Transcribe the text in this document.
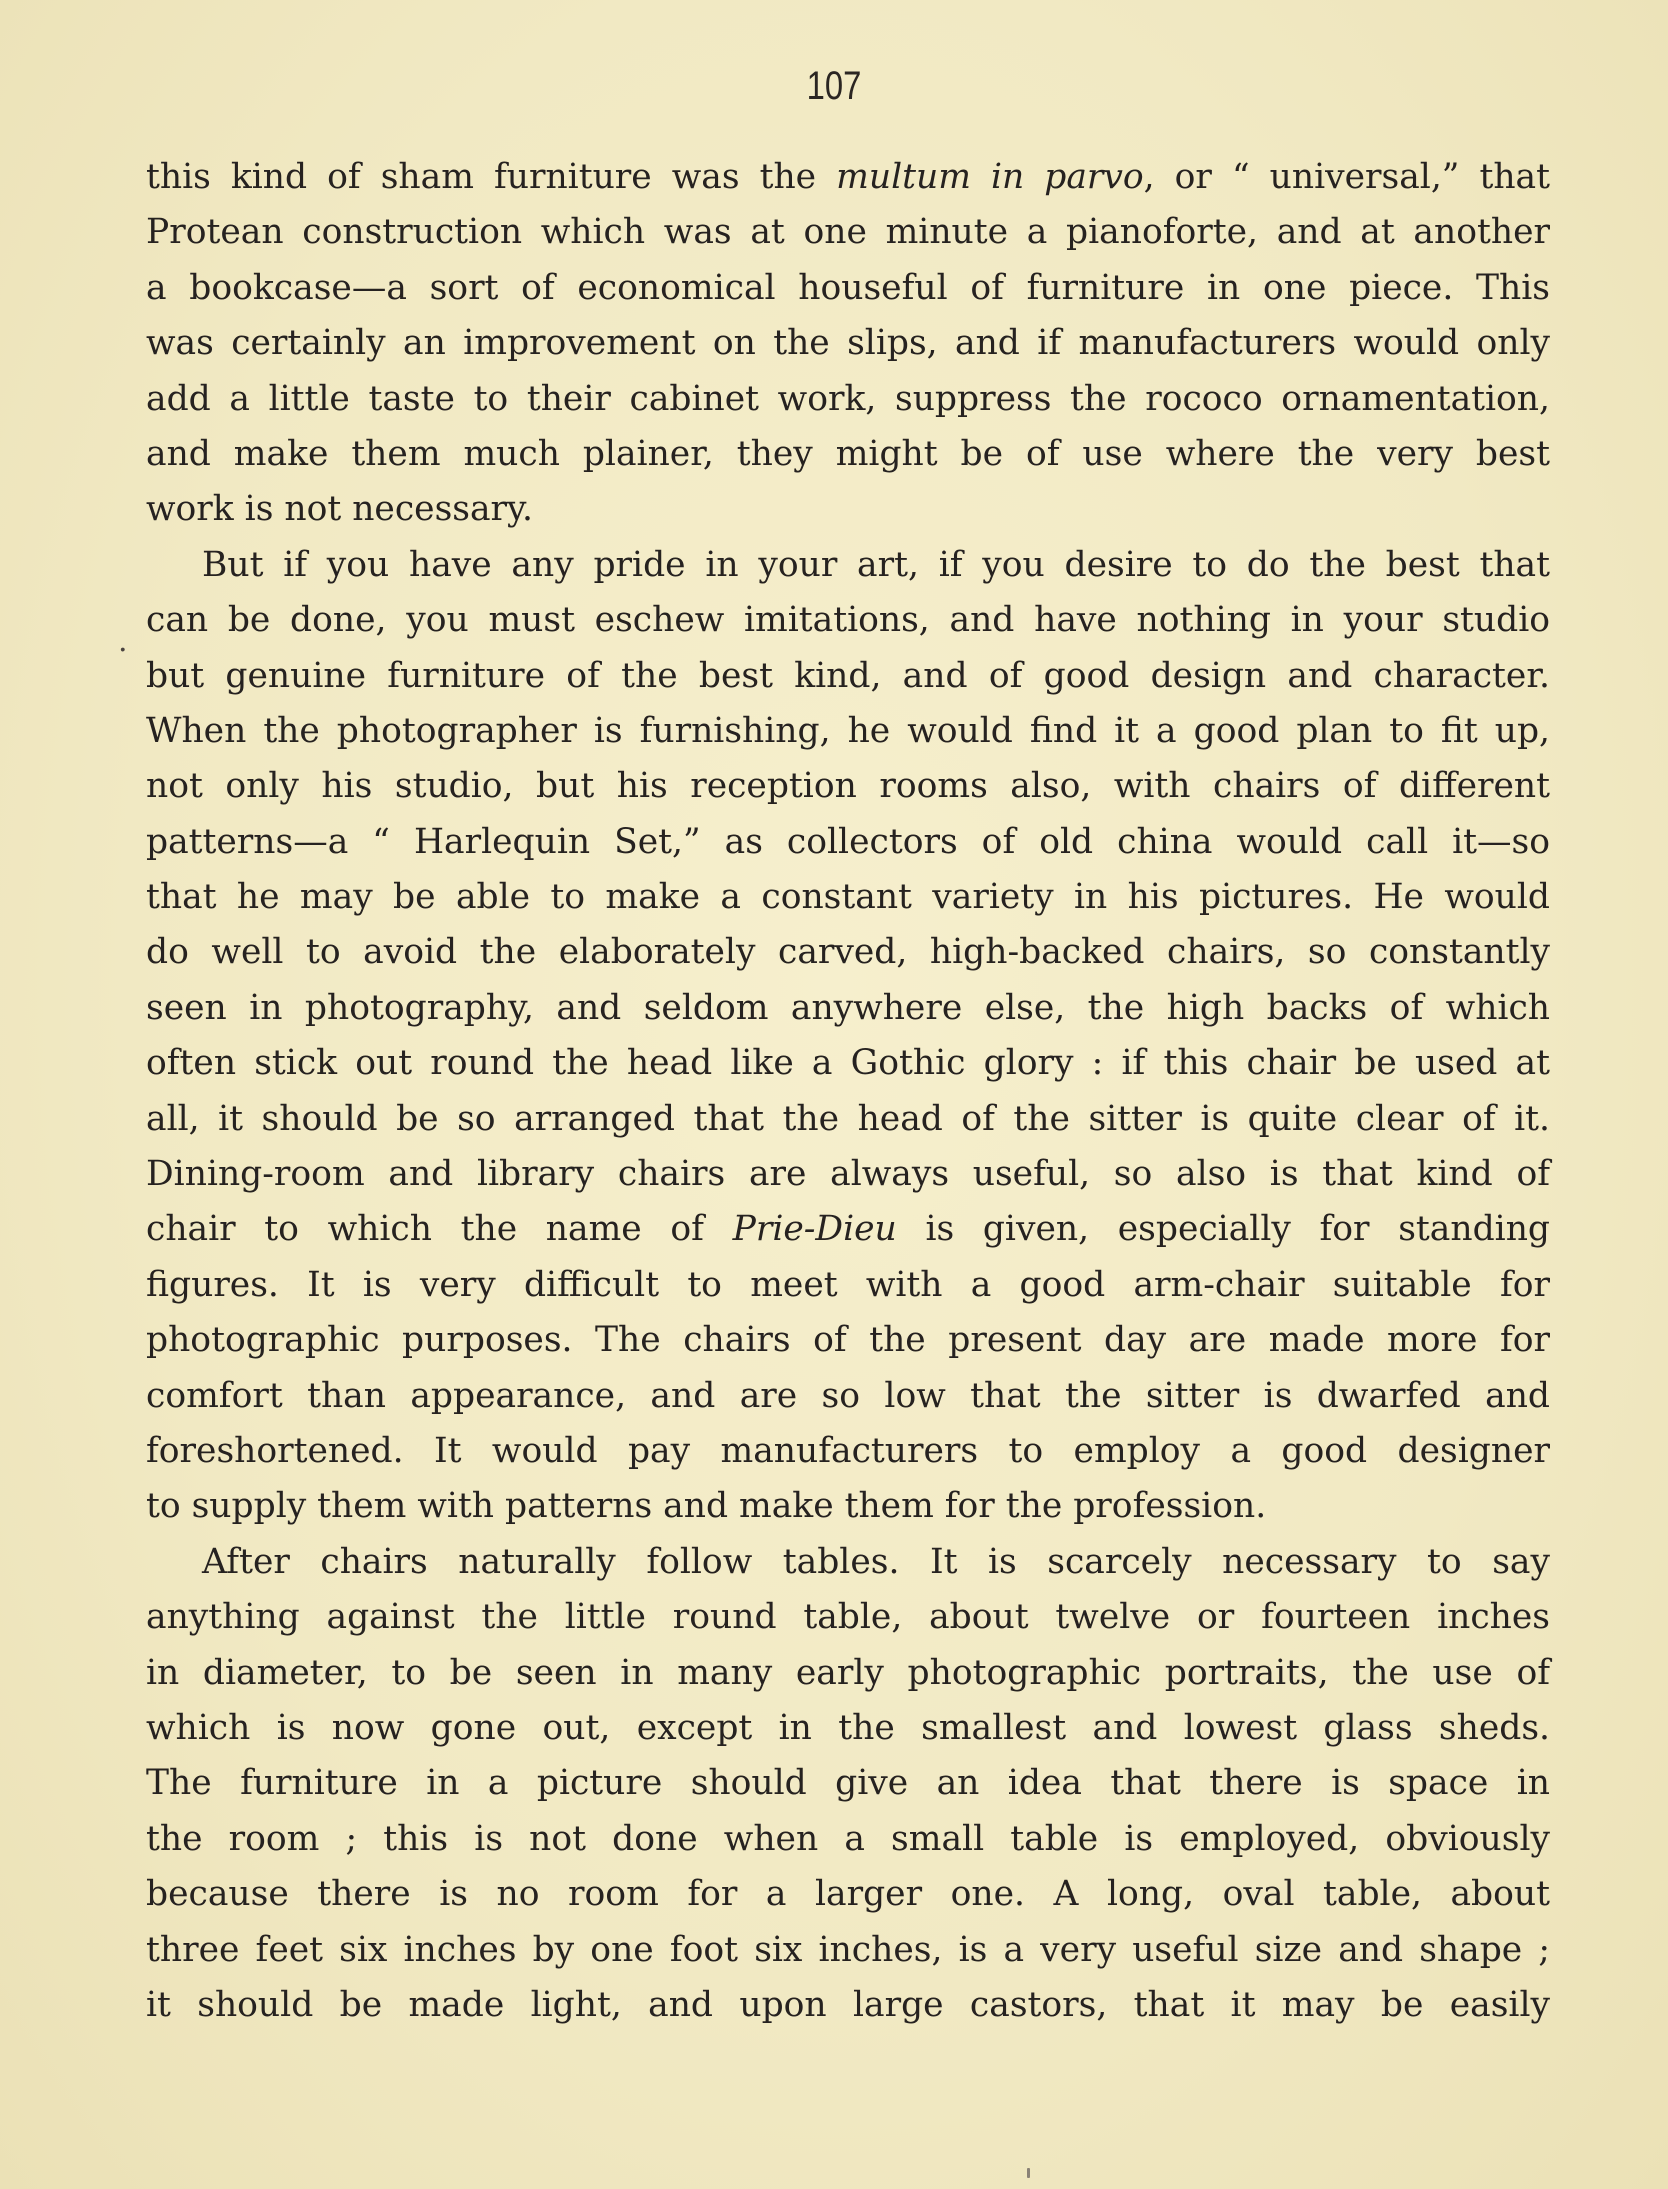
107
.
this kind of sham furniture was the multum in parvo, or “ universal,” that
Protean construction which was at one minute a pianoforte, and at another
a bookcase—a sort of economical houseful of furniture in one piece. This
was certainly an improvement on the slips, and if manufacturers would only
add a little taste to their cabinet work, suppress the rococo ornamentation,
and make them much plainer, they might be of use where the very best
work is not necessary.
But if you have any pride in your art, if you desire to do the best that
can be done, you must eschew imitations, and have nothing in your studio
but genuine furniture of the best kind, and of good design and character.
When the photographer is furnishing, he would find it a good plan to fit up,
not only his studio, but his reception rooms also, with chairs of different
patterns—a “ Harlequin Set,” as collectors of old china would call it—so
that he may be able to make a constant variety in his pictures. He would
do well to avoid the elaborately carved, high-backed chairs, so constantly
seen in photography, and seldom anywhere else, the high backs of which
often stick out round the head like a Gothic glory : if this chair be used at
all, it should be so arranged that the head of the sitter is quite clear of it.
Dining-room and library chairs are always useful, so also is that kind of
chair to which the name of Prie-Dieu is given, especially for standing
figures. It is very difficult to meet with a good arm-chair suitable for
photographic purposes. The chairs of the present day are made more for
comfort than appearance, and are so low that the sitter is dwarfed and
foreshortened. It would pay manufacturers to employ a good designer
to supply them with patterns and make them for the profession.
After chairs naturally follow tables. It is scarcely necessary to say
anything against the little round table, about twelve or fourteen inches
in diameter, to be seen in many early photographic portraits, the use of
which is now gone out, except in the smallest and lowest glass sheds.
The furniture in a picture should give an idea that there is space in
the room ; this is not done when a small table is employed, obviously
because there is no room for a larger one. A long, oval table, about
three feet six inches by one foot six inches, is a very useful size and shape ;
it should be made light, and upon large castors, that it may be easily
